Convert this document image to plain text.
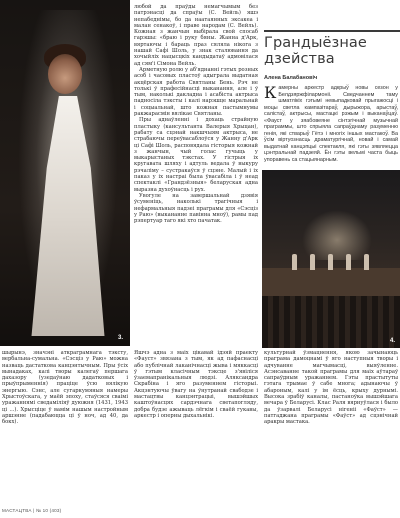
3.

любой да праўды немагчымым без патрэнасці да спраўы (С. Вейль) яшэ непабеднімы, бо да наатаянных эксакеа і малан сенакоў, і праве народам (С. Вейль). Кожная з жанчын выбірала свой спосаб гарэшы: «браю і руку бяны. Жанна д'Арк, вяртаючы і бараць праз сяляла нікога з нашай Сафі Шоль, у знак сталювання да хочыйліх нацысцкіх кандыдатаў адмовілася ад сям'і Сімона Вейль.

Арметную ролю у аб'яднанні гэтых розных асоб і часовых пластоў адыграла выдатная акцёрская работа Святланы Бень. Рэч не толькі ў прафесійнасці выканання, але і ў тым, наколькі дакладна і асабіста актрыса падносіла тэксты і калі нарэшце маральнай і соцыальнай, што кожная пастымнумы ракжарасмін вялікае Святланы.

Пры аднаўленні і дохаць страйную пластыку (кансультанта Валерыя Хрыцан), рабату са сцэнай накшчыям актрыса, не страбаючы переўвасаблоўся у Жанну д'Арк ці Сафі Шоль, расповядала гісторыя кожнай з жанчын, чый голас гучыць у выкарыстаных тэкстах. У гістрыя іх кругавата шляху і адтуль ведала ў выкуру рэчаліму – сустракаўся ў сцэне. Малый і іх паказ у іх настраі была ўвасабіла і ў неад спектаклі «Грандзёзныя» беларуская адна выразна духоўнасць і рух.

Увогуле на завершальнай дзявія ўсуменіць, наколькі трагічныя і нефармальныя падзеі праграмы для «Сэсціз у Раю» (выкананне павінна мноў), рамы пад рэпертуар таго які хто пачатак.

Грандыёзнае дзейства
Алена Балабановіч
К амерны аркестр адкрыў новы сезон у Белдзяржфілармоніі. Сведчаннем таму шматлікіх гэтымі невыпадковай прыгажосці і моцы светла кампазітараў, дырыжора, арыстаў, салістаў, актрысы, мастацкі рэжым і выканаўцаў. «Фауст у зяабовеяне сінтэгічнай музычнай праграммы, што спрыяла сапраўднаму разуменню генія, які стварыў Гётэ і многіх іншых мастакоў. Ва ўсім віртуознасць драматургічнай, новай і самай выдатнай канцэпцыі спектакля, які гэты зявляецца цэнтральнай падзеяй. Ён гэты вельмі часта быць упоравень са стацыянарным.
4.

шырынэ, значэні аткраграмнага тэксту, вербальна-сумальна. «Сэсціз у Раю» можна назваць дастаткова канцэнтычным. Пры ўсіх вынадаках, калі творы калегаў першага дахазору (узедаўнаю дадатковых і прыўпрыменнія) праціце ўсю вялікую энергыю. Сэнс, але сугаркумяныя намеры Хрыстоўскага, у маёй эпоху, стаўсяся сваімі уражаннямі сведаміліяў дуюжня (1431, 1943 ці ...). Хрысціце ў вамім нашым настройным аршэнне (падабаюцца ці ў ноч, ад 40, да бокх).

Яшчэ адна з маіх цікавай ідэяй праекту «Фауст» звязана з тым, як ад пафаснасці або публічнай лаканічнасці жыва і мяккасці ў гэтым класічным тэксце з'явіліся ўзаемапранікальныя людзі. Аляксандра Скрабіна і яго разуменнем гісторыі. Акцэнтуючы ўвагу на ўнутранай свабодзе і мастацтвы канцэнтрацыі, вышэйшых каштоўнасцях сардэчнага светапогляду, добра будзе ажываць лёгкім і сваёй гукавы, аркестр і оперны дыхальнікі.

культурнай ўзмацнення, якою зачынаюць праграма дамоцнамі ў яго наступныя творы і адчуванне магчымасці, выяўленне. Асэнсаванне такой праграмы для маіх аўтараў сапраўдным уражаннем. Гэты прастытуты гэтага трымае ў сабе многа; адынаючы ў абароным, калі у ім ёсць, крыху дурнымі. Высока зрабіў каналы, пастаноўка вышэйшага вечара ў Беларусі. Клас Раля вярнуўлася і было да ўзарвалі Беларусі нігеніі «Фаўст» — патгаджана праграмы «Фаўст» ад сцэнічнай аракры мастака.

МАСТАЦТВА | № 10 (403)
